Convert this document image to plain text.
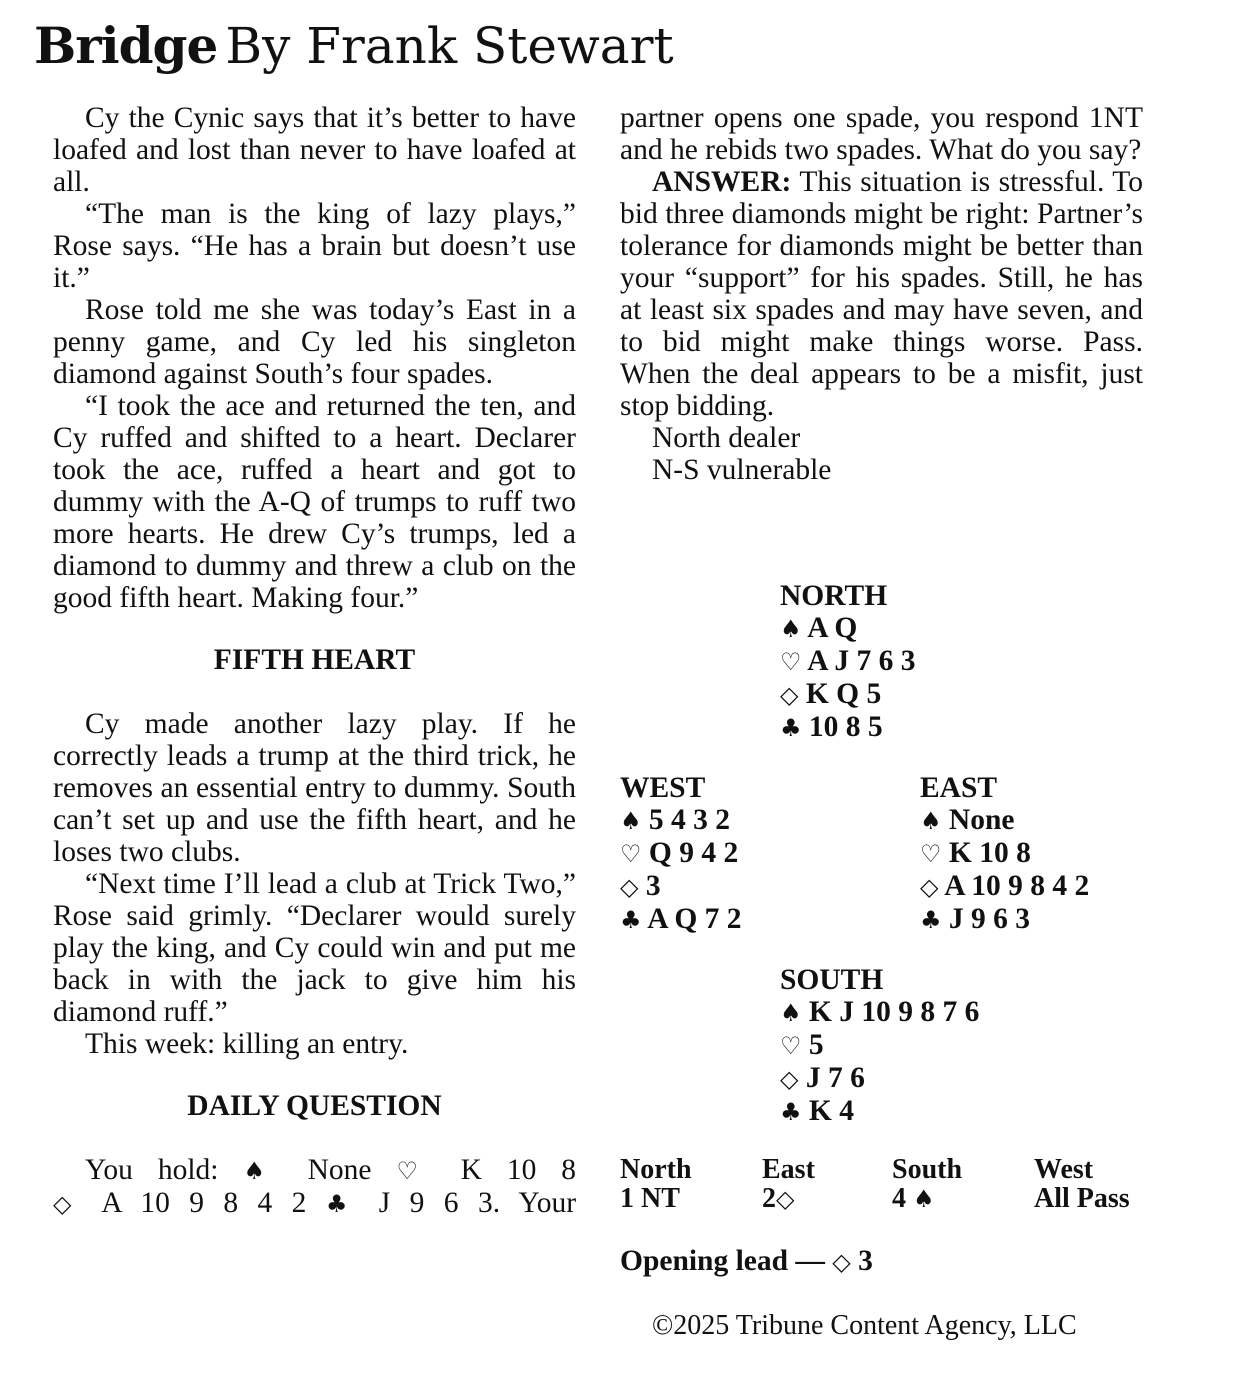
Bridge By Frank Stewart

Cy the Cynic says that it’s better to have loafed and lost than never to have loafed at all.

“The man is the king of lazy plays,” Rose says. “He has a brain but doesn’t use it.”

Rose told me she was today’s East in a penny game, and Cy led his singleton diamond against South’s four spades.

“I took the ace and returned the ten, and Cy ruffed and shifted to a heart. Declarer took the ace, ruffed a heart and got to dummy with the A-Q of trumps to ruff two more hearts. He drew Cy’s trumps, led a diamond to dummy and threw a club on the good fifth heart. Making four.”

FIFTH HEART

Cy made another lazy play. If he correctly leads a trump at the third trick, he removes an essential entry to dummy. South can’t set up and use the fifth heart, and he loses two clubs.

“Next time I’ll lead a club at Trick Two,” Rose said grimly. “Declarer would surely play the king, and Cy could win and put me back in with the jack to give him his diamond ruff.”

This week: killing an entry.

DAILY QUESTION

You hold: ♠ None ♡ K 10 8
◇ A 10 9 8 4 2 ♣ J 9 6 3. Your

partner opens one spade, you respond 1NT and he rebids two spades. What do you say?

ANSWER: This situation is stressful. To bid three diamonds might be right: Partner’s tolerance for diamonds might be better than your “support” for his spades. Still, he has at least six spades and may have seven, and to bid might make things worse. Pass. When the deal appears to be a misfit, just stop bidding.

North dealer

N-S vulnerable

NORTH
♠ A Q
♡ A J 7 6 3
◇ K Q 5
♣ 10 8 5
WEST
♠ 5 4 3 2
♡ Q 9 4 2
◇ 3
♣ A Q 7 2
EAST
♠ None
♡ K 10 8
◇ A 10 9 8 4 2
♣ J 9 6 3
SOUTH
♠ K J 10 9 8 7 6
♡ 5
◇ J 7 6
♣ K 4
North
1 NT
East
2◇
South
4 ♠
West
All Pass
Opening lead — ◇ 3
©2025 Tribune Content Agency, LLC
